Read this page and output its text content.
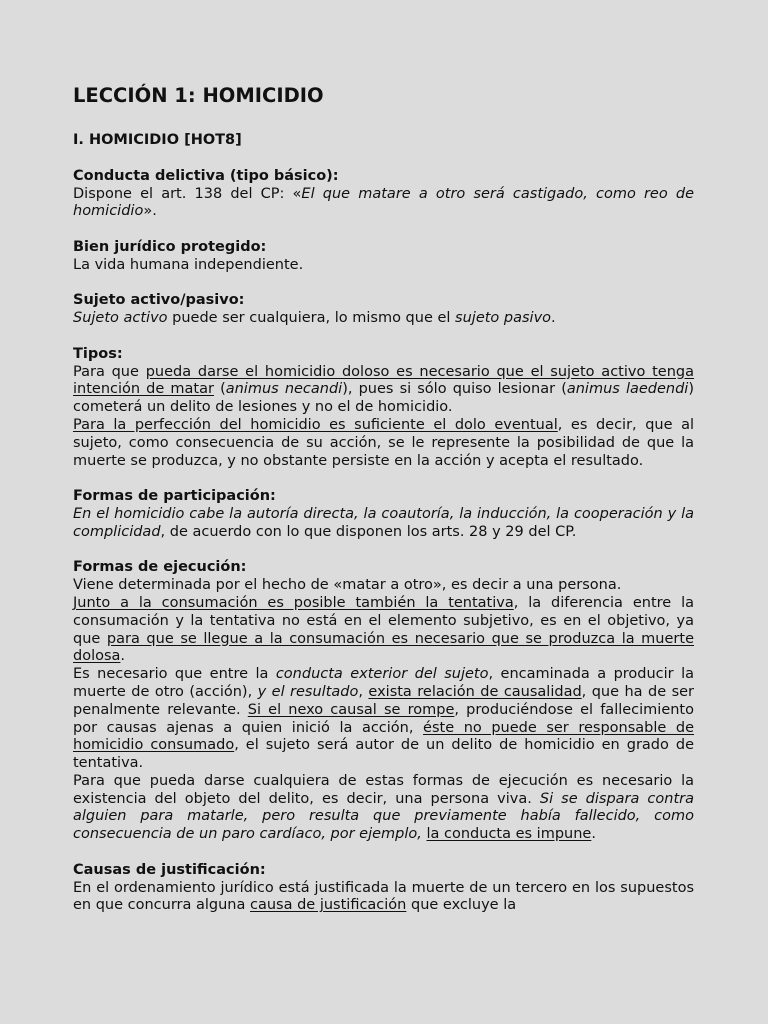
LECCIÓN 1: HOMICIDIO
I. HOMICIDIO [HOT8]
Conducta delictiva (tipo básico):

Dispone el art. 138 del CP: «El que matare a otro será castigado, como reo de homicidio».

Bien jurídico protegido:

La vida humana independiente.

Sujeto activo/pasivo:

Sujeto activo puede ser cualquiera, lo mismo que el sujeto pasivo.

Tipos:

Para que pueda darse el homicidio doloso es necesario que el sujeto activo tenga intención de matar (animus necandi), pues si sólo quiso lesionar (animus laedendi) cometerá un delito de lesiones y no el de homicidio.

Para la perfección del homicidio es suficiente el dolo eventual, es decir, que al sujeto, como consecuencia de su acción, se le represente la posibilidad de que la muerte se produzca, y no obstante persiste en la acción y acepta el resultado.

Formas de participación:

En el homicidio cabe la autoría directa, la coautoría, la inducción, la cooperación y la complicidad, de acuerdo con lo que disponen los arts. 28 y 29 del CP.

Formas de ejecución:

Viene determinada por el hecho de «matar a otro», es decir a una persona.

Junto a la consumación es posible también la tentativa, la diferencia entre la consumación y la tentativa no está en el elemento subjetivo, es en el objetivo, ya que para que se llegue a la consumación es necesario que se produzca la muerte dolosa.

Es necesario que entre la conducta exterior del sujeto, encaminada a producir la muerte de otro (acción), y el resultado, exista relación de causalidad, que ha de ser penalmente relevante. Si el nexo causal se rompe, produciéndose el fallecimiento por causas ajenas a quien inició la acción, éste no puede ser responsable de homicidio consumado, el sujeto será autor de un delito de homicidio en grado de tentativa.

Para que pueda darse cualquiera de estas formas de ejecución es necesario la existencia del objeto del delito, es decir, una persona viva. Si se dispara contra alguien para matarle, pero resulta que previamente había fallecido, como consecuencia de un paro cardíaco, por ejemplo, la conducta es impune.

Causas de justificación:

En el ordenamiento jurídico está justificada la muerte de un tercero en los supuestos en que concurra alguna causa de justificación que excluye la
